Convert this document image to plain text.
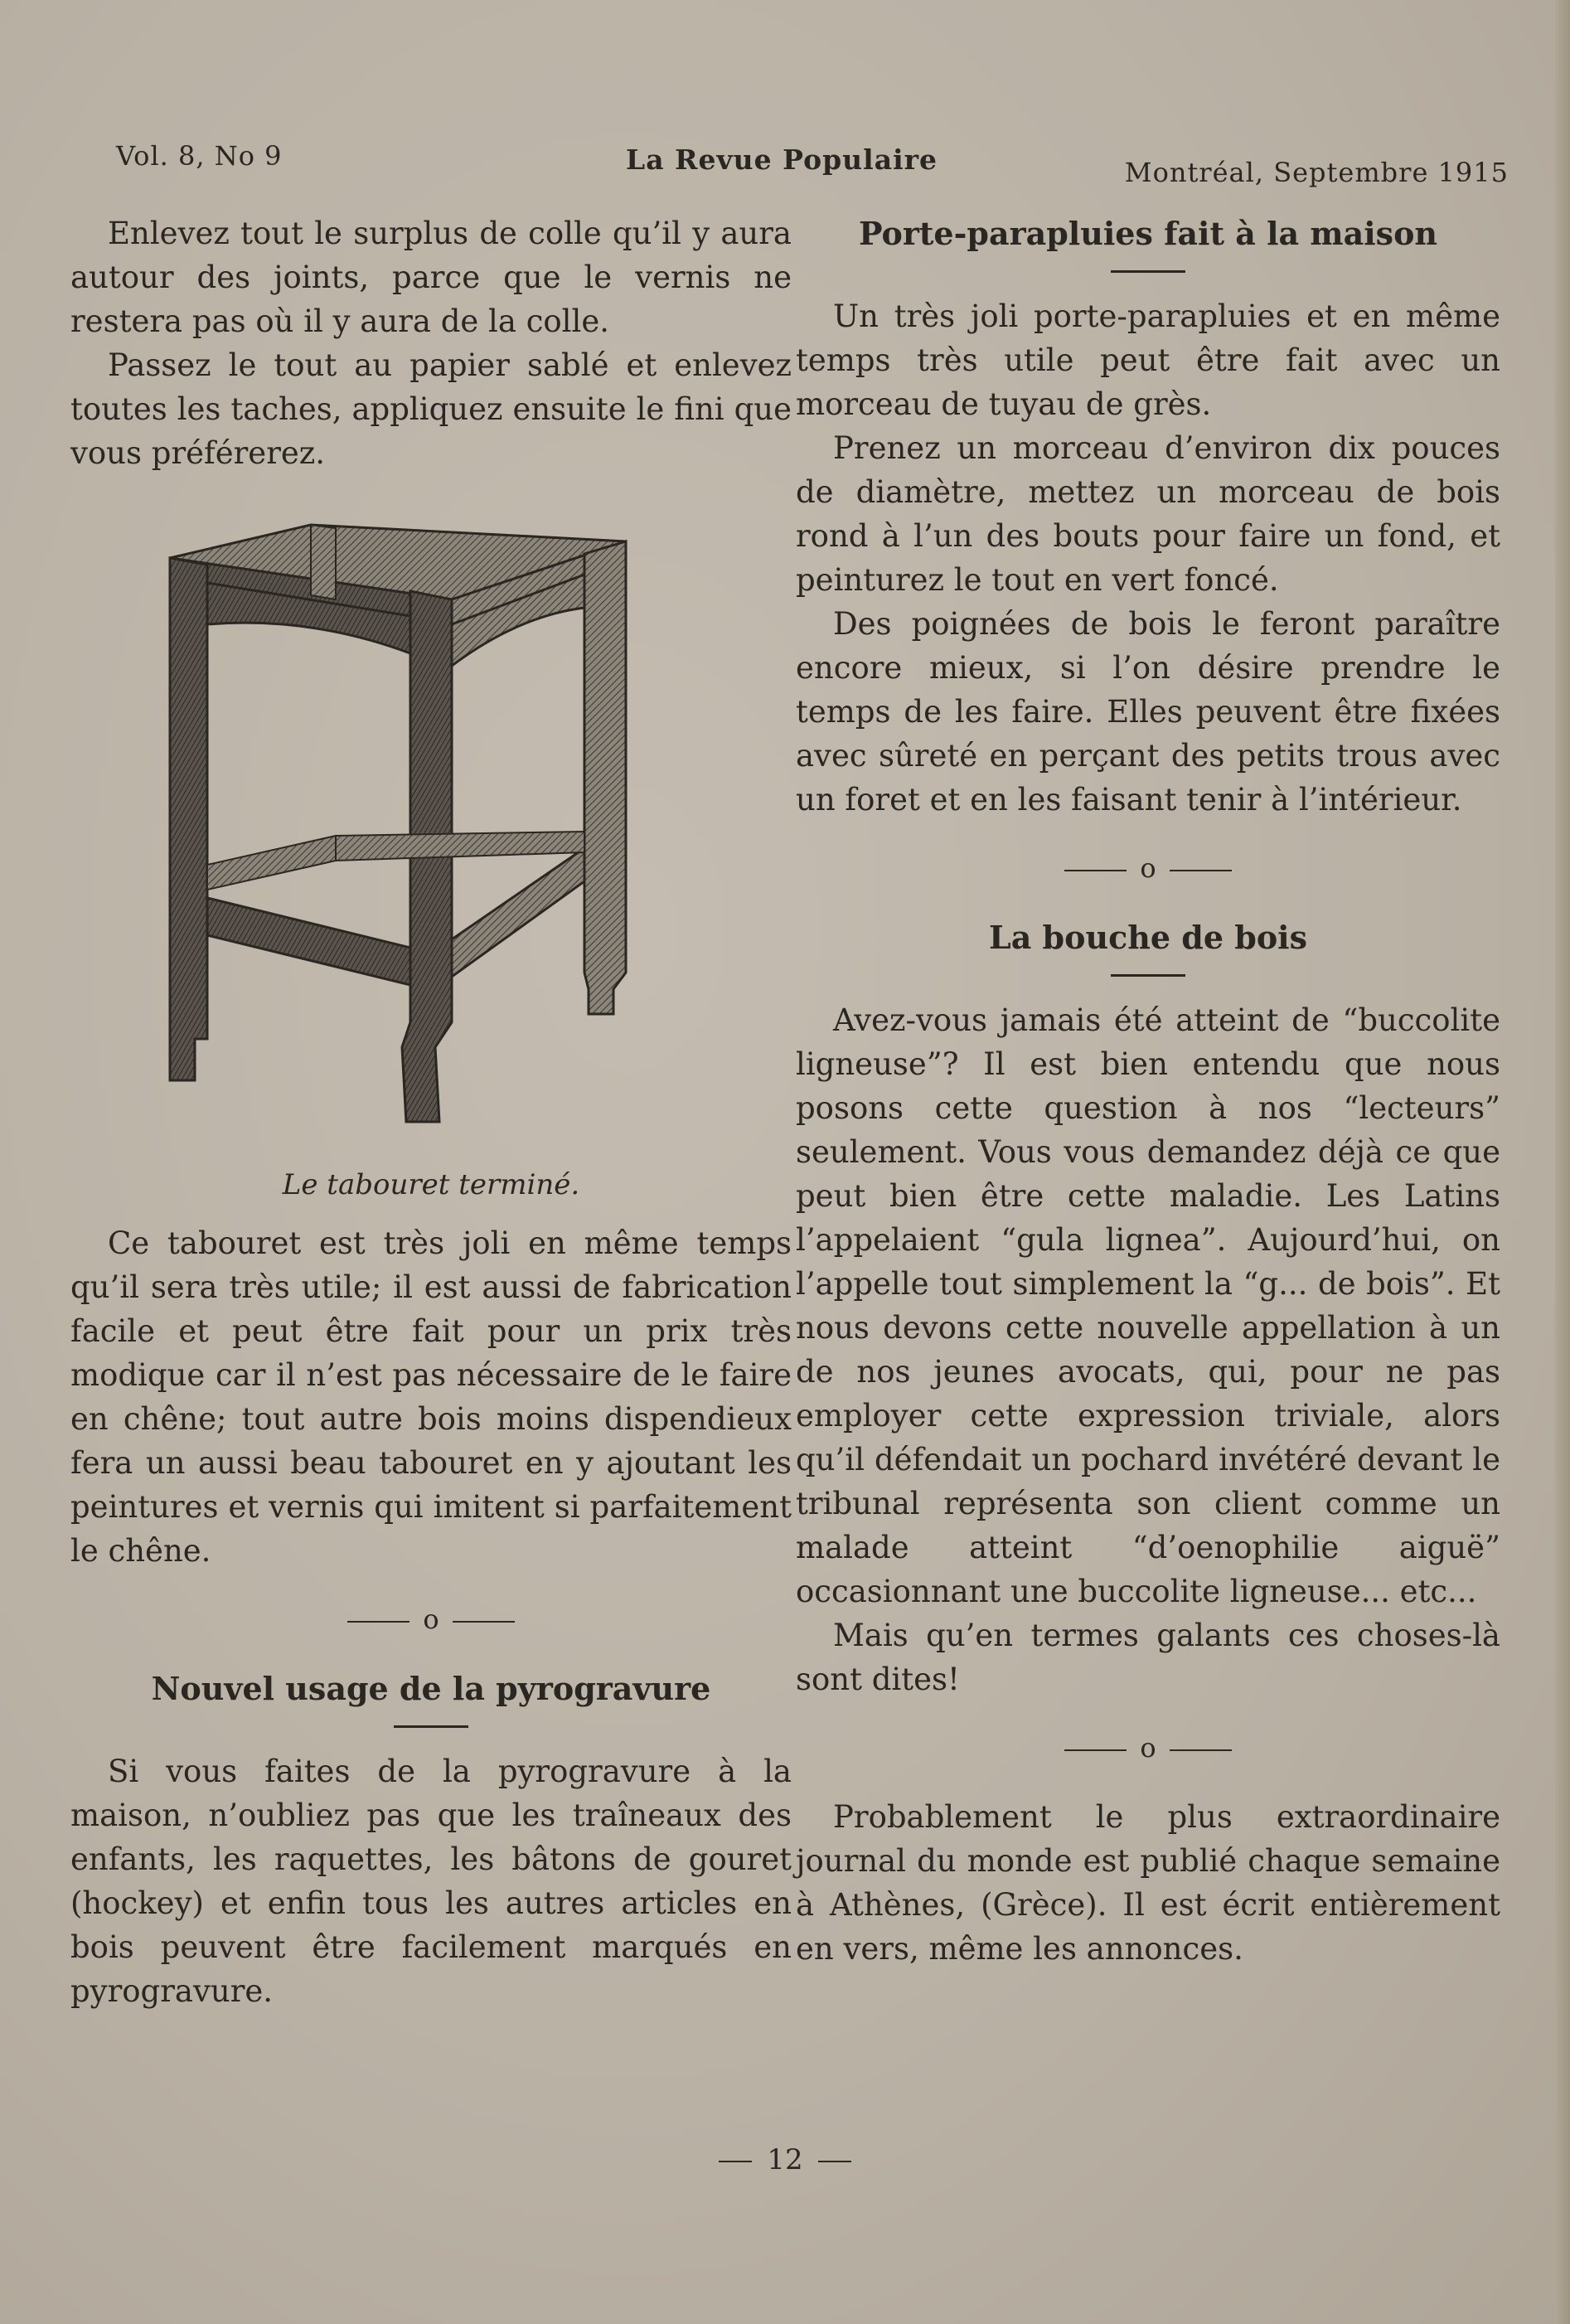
Vol. 8, No 9	La Revue Populaire	Montréal, Septembre 1915

Enlevez tout le surplus de colle qu’il y aura autour des joints, parce que le vernis ne restera pas où il y aura de la colle.

Passez le tout au papier sablé et enlevez toutes les taches, appliquez ensuite le fini que vous préférerez.

Le tabouret terminé.

Ce tabouret est très joli en même temps qu’il sera très utile; il est aussi de fabrication facile et peut être fait pour un prix très modique car il n’est pas nécessaire de le faire en chêne; tout autre bois moins dispendieux fera un aussi beau tabouret en y ajoutant les peintures et vernis qui imitent si parfaitement le chêne.

o

Nouvel usage de la pyrogravure

Si vous faites de la pyrogravure à la maison, n’oubliez pas que les traîneaux des enfants, les raquettes, les bâtons de gouret (hockey) et enfin tous les autres articles en bois peuvent être facilement marqués en pyrogravure.

Porte-parapluies fait à la maison

Un très joli porte-parapluies et en même temps très utile peut être fait avec un morceau de tuyau de grès.

Prenez un morceau d’environ dix pouces de diamètre, mettez un morceau de bois rond à l’un des bouts pour faire un fond, et peinturez le tout en vert foncé.

Des poignées de bois le feront paraître encore mieux, si l’on désire prendre le temps de les faire. Elles peuvent être fixées avec sûreté en perçant des petits trous avec un foret et en les faisant tenir à l’intérieur.

o

La bouche de bois

Avez-vous jamais été atteint de “buccolite ligneuse”? Il est bien entendu que nous posons cette question à nos “lecteurs” seulement. Vous vous demandez déjà ce que peut bien être cette maladie. Les Latins l’appelaient “gula lignea”. Aujourd’hui, on l’appelle tout simplement la “g... de bois”. Et nous devons cette nouvelle appellation à un de nos jeunes avocats, qui, pour ne pas employer cette expression triviale, alors qu’il défendait un pochard invétéré devant le tribunal représenta son client comme un malade atteint “d’oenophilie aiguë” occasionnant une buccolite ligneuse... etc...

Mais qu’en termes galants ces choses-là sont dites!

o

Probablement le plus extraordinaire journal du monde est publié chaque semaine à Athènes, (Grèce). Il est écrit entièrement en vers, même les annonces.

12
